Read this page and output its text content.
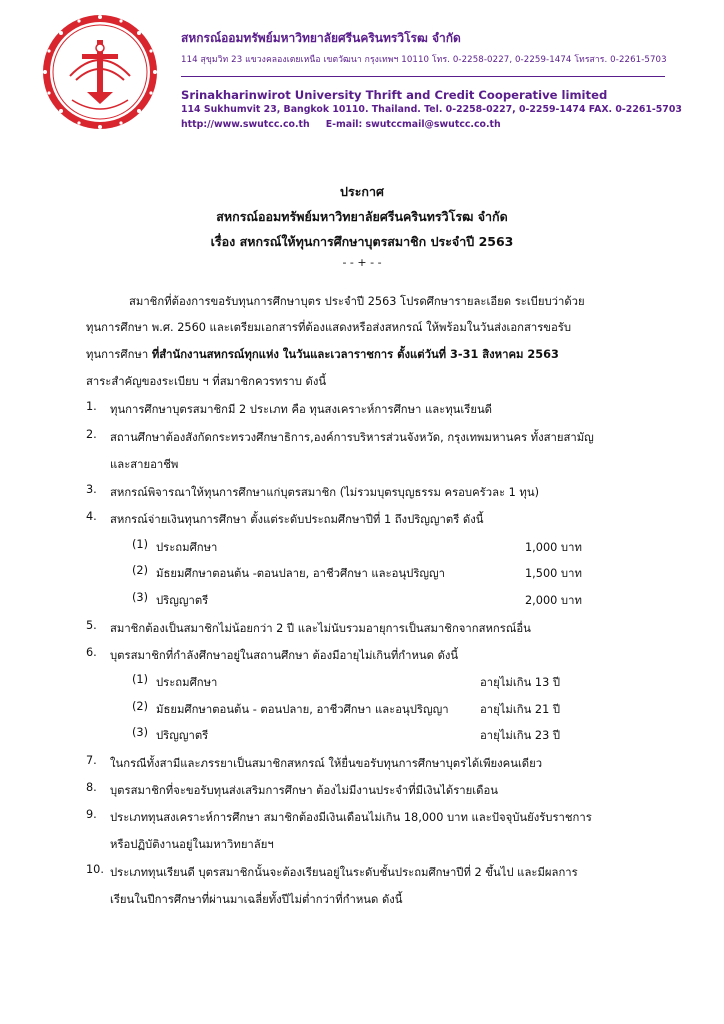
สหกรณ์ออมทรัพย์มหาวิทยาลัยศรีนครินทรวิโรฒ จำกัด
114 สุขุมวิท 23 แขวงคลองเตยเหนือ เขตวัฒนา กรุงเทพฯ 10110 โทร. 0-2258-0227, 0-2259-1474 โทรสาร. 0-2261-5703
Srinakharinwirot University Thrift and Credit Cooperative limited
114 Sukhumvit 23, Bangkok 10110. Thailand. Tel. 0-2258-0227, 0-2259-1474 FAX. 0-2261-5703
http://www.swutcc.co.th E-mail: swutccmail@swutcc.co.th
ประกาศ
สหกรณ์ออมทรัพย์มหาวิทยาลัยศรีนครินทรวิโรฒ จำกัด
เรื่อง สหกรณ์ให้ทุนการศึกษาบุตรสมาชิก ประจำปี 2563
- - + - -
สมาชิกที่ต้องการขอรับทุนการศึกษาบุตร ประจำปี 2563 โปรดศึกษารายละเอียด ระเบียบว่าด้วย
ทุนการศึกษา พ.ศ. 2560 และเตรียมเอกสารที่ต้องแสดงหรือส่งสหกรณ์ ให้พร้อมในวันส่งเอกสารขอรับ
ทุนการศึกษา ที่สำนักงานสหกรณ์ทุกแห่ง ในวันและเวลาราชการ ตั้งแต่วันที่ 3-31 สิงหาคม 2563
สาระสำคัญของระเบียบ ฯ ที่สมาชิกควรทราบ ดังนี้
1. ทุนการศึกษาบุตรสมาชิกมี 2 ประเภท คือ ทุนสงเคราะห์การศึกษา และทุนเรียนดี
2. สถานศึกษาต้องสังกัดกระทรวงศึกษาธิการ,องค์การบริหารส่วนจังหวัด, กรุงเทพมหานคร ทั้งสายสามัญ
และสายอาชีพ
3. สหกรณ์พิจารณาให้ทุนการศึกษาแก่บุตรสมาชิก (ไม่รวมบุตรบุญธรรม ครอบครัวละ 1 ทุน)
4. สหกรณ์จ่ายเงินทุนการศึกษา ตั้งแต่ระดับประถมศึกษาปีที่ 1 ถึงปริญญาตรี ดังนี้
(1) ประถมศึกษา	1,000 บาท
(2) มัธยมศึกษาตอนต้น -ตอนปลาย, อาชีวศึกษา และอนุปริญญา	1,500 บาท
(3) ปริญญาตรี	2,000 บาท
5. สมาชิกต้องเป็นสมาชิกไม่น้อยกว่า 2 ปี และไม่นับรวมอายุการเป็นสมาชิกจากสหกรณ์อื่น
6. บุตรสมาชิกที่กำลังศึกษาอยู่ในสถานศึกษา ต้องมีอายุไม่เกินที่กำหนด ดังนี้
(1) ประถมศึกษา	อายุไม่เกิน 13 ปี
(2) มัธยมศึกษาตอนต้น - ตอนปลาย, อาชีวศึกษา และอนุปริญญา	อายุไม่เกิน 21 ปี
(3) ปริญญาตรี	อายุไม่เกิน 23 ปี
7. ในกรณีทั้งสามีและภรรยาเป็นสมาชิกสหกรณ์ ให้ยื่นขอรับทุนการศึกษาบุตรได้เพียงคนเดียว
8. บุตรสมาชิกที่จะขอรับทุนส่งเสริมการศึกษา ต้องไม่มีงานประจำที่มีเงินได้รายเดือน
9. ประเภททุนสงเคราะห์การศึกษา สมาชิกต้องมีเงินเดือนไม่เกิน 18,000 บาท และปัจจุบันยังรับราชการ
หรือปฏิบัติงานอยู่ในมหาวิทยาลัยฯ
10. ประเภททุนเรียนดี บุตรสมาชิกนั้นจะต้องเรียนอยู่ในระดับชั้นประถมศึกษาปีที่ 2 ขึ้นไป และมีผลการ
เรียนในปีการศึกษาที่ผ่านมาเฉลี่ยทั้งปีไม่ต่ำกว่าที่กำหนด ดังนี้
